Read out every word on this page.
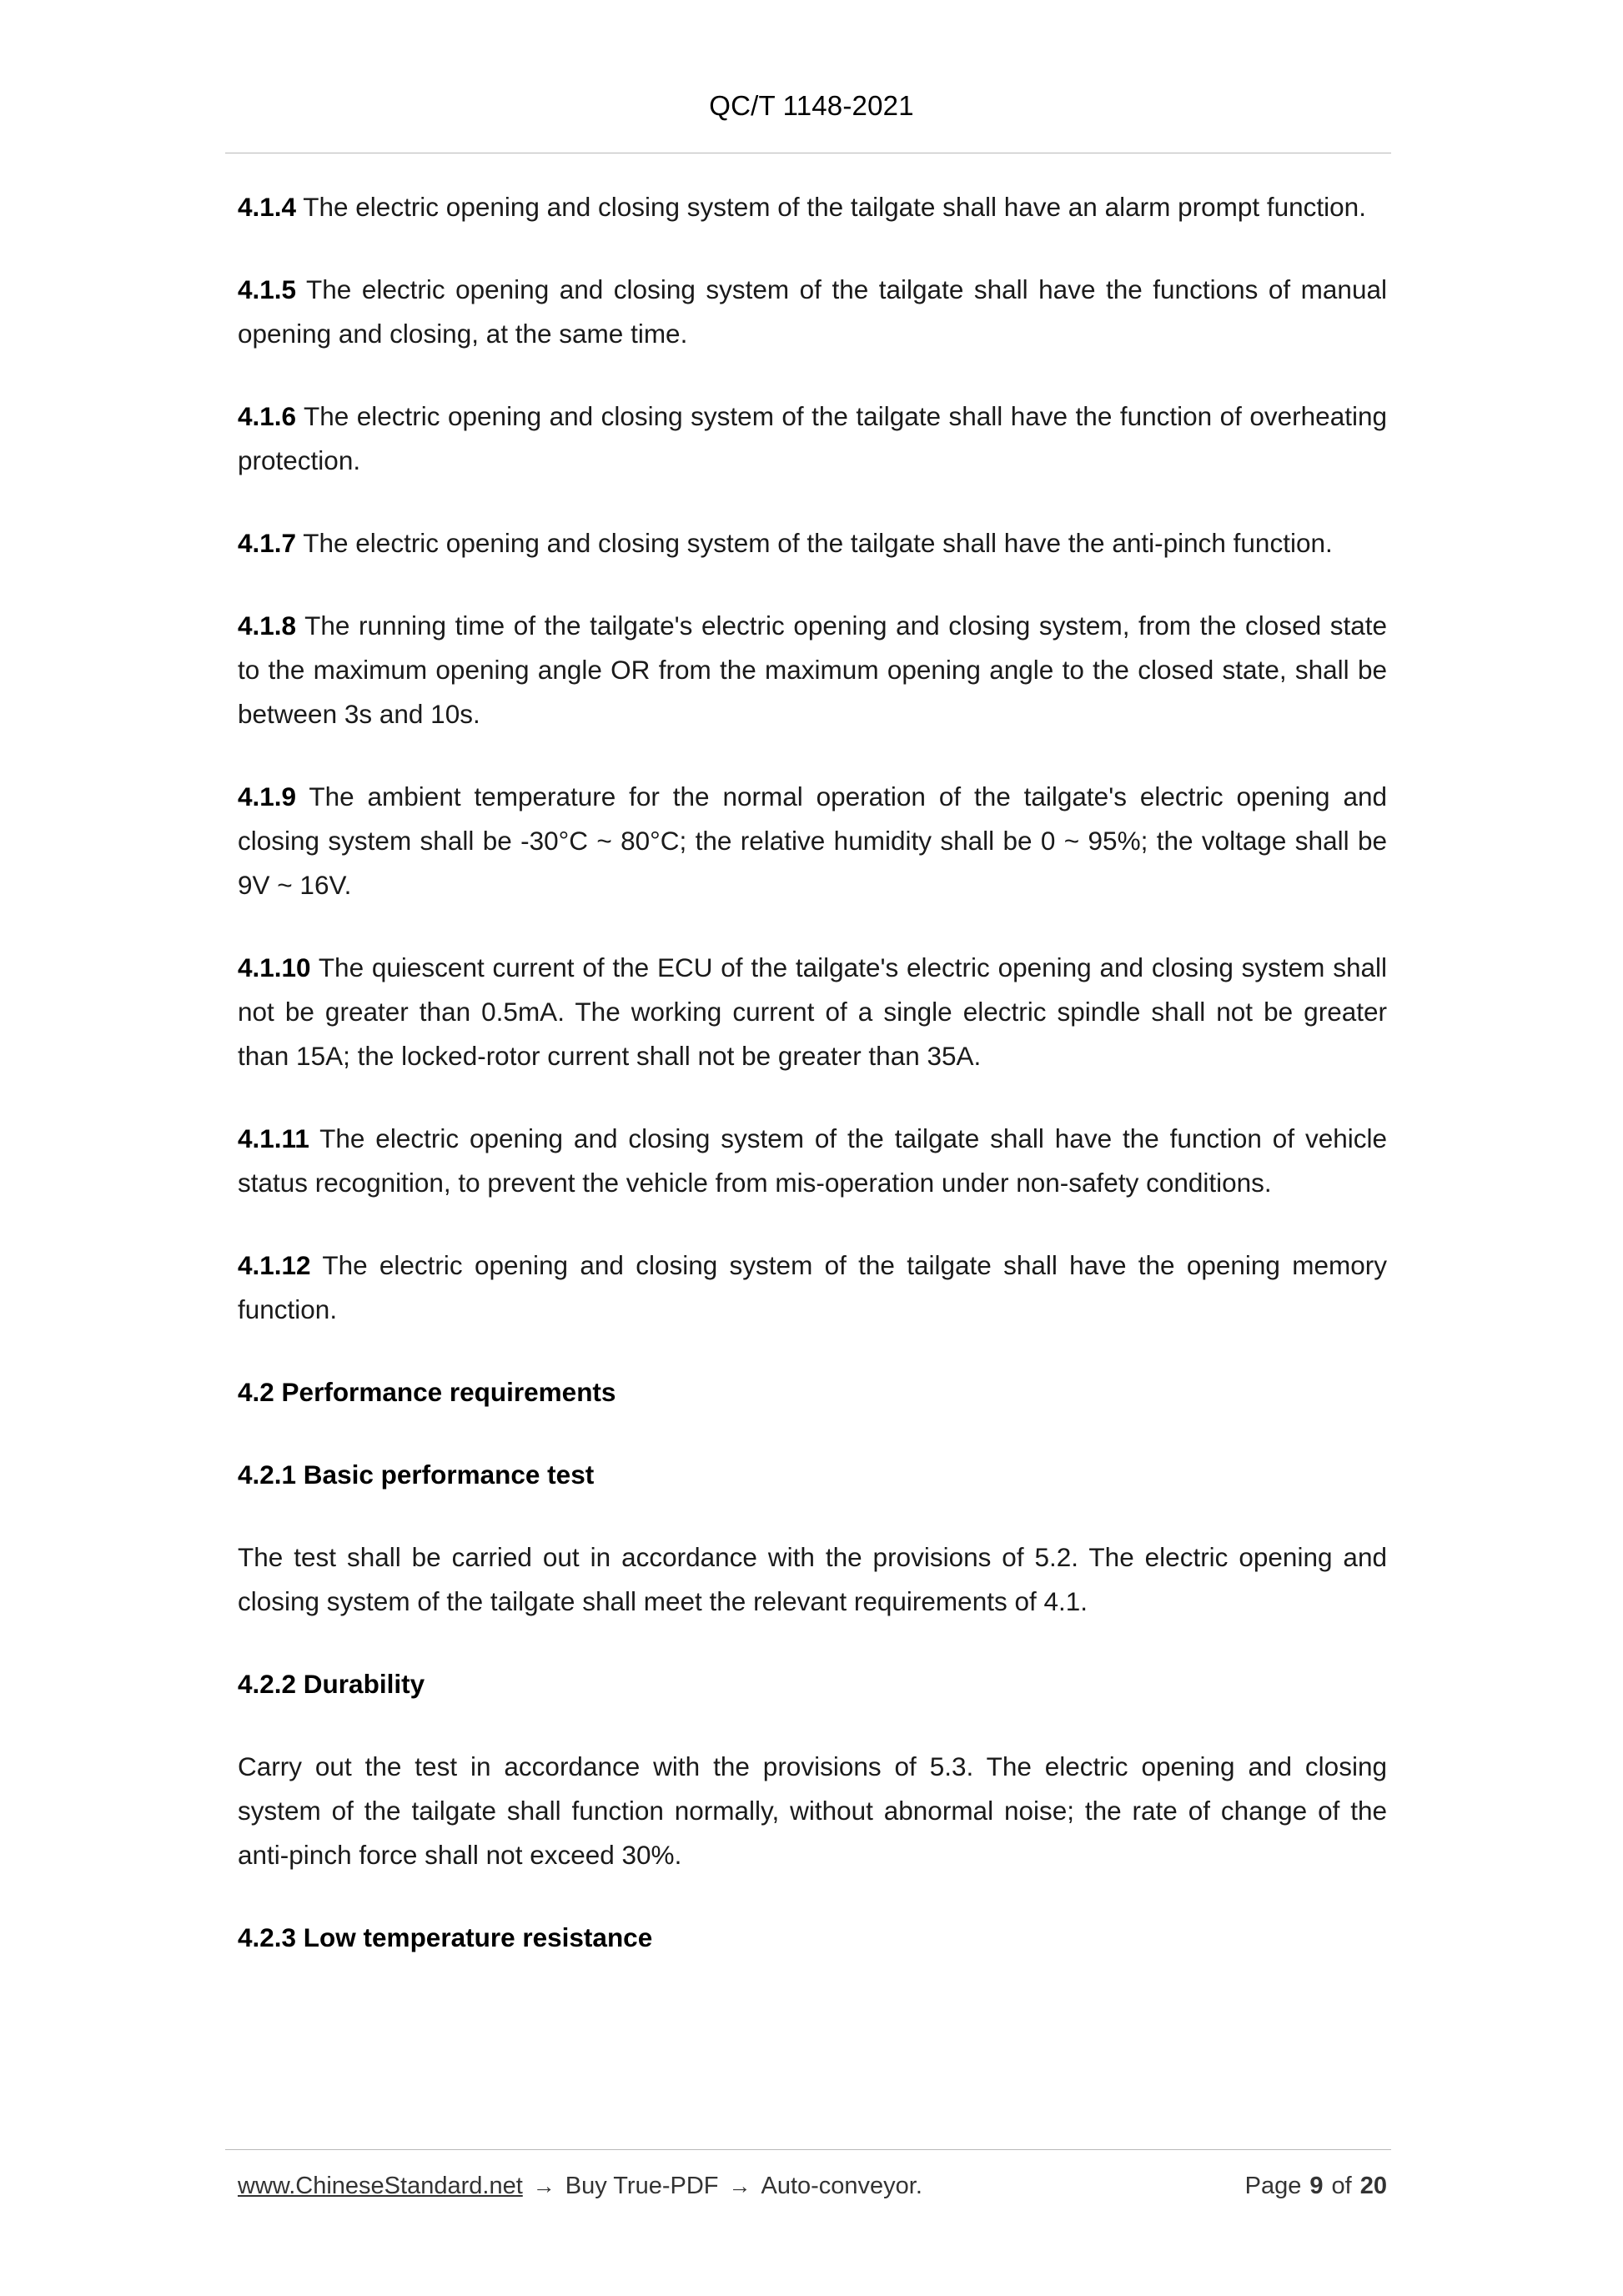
QC/T 1148-2021

4.1.4 The electric opening and closing system of the tailgate shall have an alarm prompt function.

4.1.5 The electric opening and closing system of the tailgate shall have the functions of manual opening and closing, at the same time.

4.1.6 The electric opening and closing system of the tailgate shall have the function of overheating protection.

4.1.7 The electric opening and closing system of the tailgate shall have the anti-pinch function.

4.1.8 The running time of the tailgate's electric opening and closing system, from the closed state to the maximum opening angle OR from the maximum opening angle to the closed state, shall be between 3s and 10s.

4.1.9 The ambient temperature for the normal operation of the tailgate's electric opening and closing system shall be -30°C ~ 80°C; the relative humidity shall be 0 ~ 95%; the voltage shall be 9V ~ 16V.

4.1.10 The quiescent current of the ECU of the tailgate's electric opening and closing system shall not be greater than 0.5mA. The working current of a single electric spindle shall not be greater than 15A; the locked-rotor current shall not be greater than 35A.

4.1.11 The electric opening and closing system of the tailgate shall have the function of vehicle status recognition, to prevent the vehicle from mis-operation under non-safety conditions.

4.1.12 The electric opening and closing system of the tailgate shall have the opening memory function.

4.2 Performance requirements

4.2.1 Basic performance test

The test shall be carried out in accordance with the provisions of 5.2. The electric opening and closing system of the tailgate shall meet the relevant requirements of 4.1.

4.2.2 Durability

Carry out the test in accordance with the provisions of 5.3. The electric opening and closing system of the tailgate shall function normally, without abnormal noise; the rate of change of the anti-pinch force shall not exceed 30%.

4.2.3 Low temperature resistance

www.ChineseStandard.net → Buy True-PDF → Auto-conveyor.	Page 9 of 20
